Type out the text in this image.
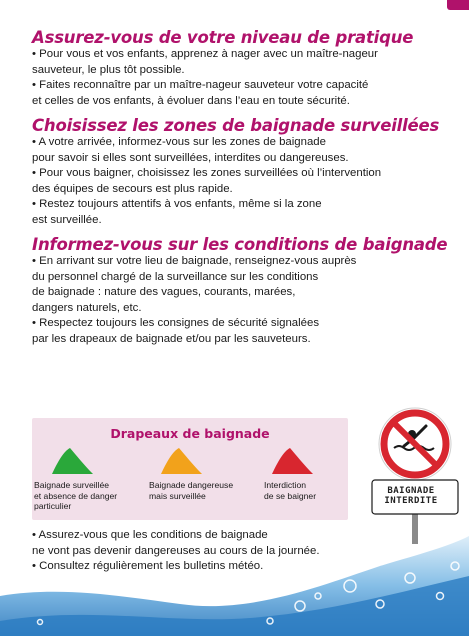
Assurez-vous de votre niveau de pratique

• Pour vous et vos enfants, apprenez à nager avec un maître-nageur
sauveteur, le plus tôt possible.
• Faites reconnaître par un maître-nageur sauveteur votre capacité
et celles de vos enfants, à évoluer dans l’eau en toute sécurité.

Choisissez les zones de baignade surveillées

• A votre arrivée, informez-vous sur les zones de baignade
pour savoir si elles sont surveillées, interdites ou dangereuses.
• Pour vous baigner, choisissez les zones surveillées où l’intervention
des équipes de secours est plus rapide.
• Restez toujours attentifs à vos enfants, même si la zone
est surveillée.

Informez-vous sur les conditions de baignade

• En arrivant sur votre lieu de baignade, renseignez-vous auprès
du personnel chargé de la surveillance sur les conditions
de baignade : nature des vagues, courants, marées,
dangers naturels, etc.
• Respectez toujours les consignes de sécurité signalées
par les drapeaux de baignade et/ou par les sauveteurs.

Drapeaux de baignade
Baignade surveillée
et absence de danger
particulier
Baignade dangereuse
mais surveillée
Interdiction
de se baigner	BAIGNADE
INTERDITE

• Assurez-vous que les conditions de baignade
ne vont pas devenir dangereuses au cours de la journée.
• Consultez régulièrement les bulletins météo.
